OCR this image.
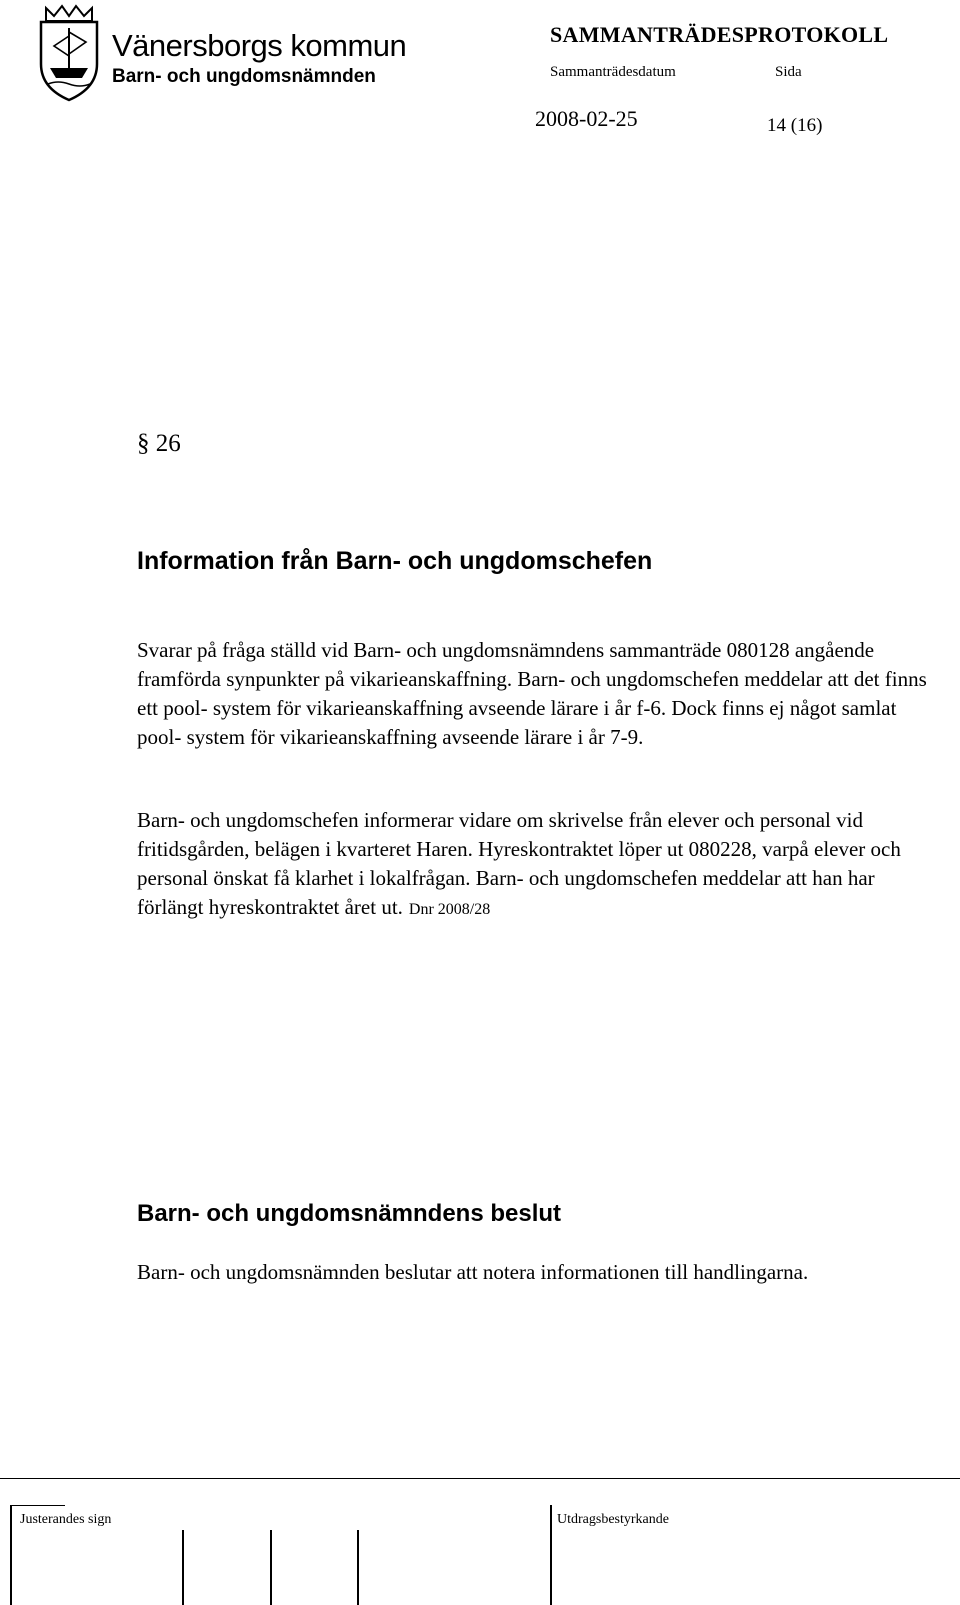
Vänersborgs kommun
Barn- och ungdomsnämnden
SAMMANTRÄDESPROTOKOLL
Sammanträdesdatum	Sida
2008-02-25	14 (16)
§ 26
Information från Barn- och ungdomschefen
Svarar på fråga ställd vid Barn- och ungdomsnämndens sammanträde 080128 angående framförda synpunkter på vikarieanskaffning. Barn- och ungdomschefen meddelar att det finns ett pool- system för vikarieanskaffning avseende lärare i år f-6. Dock finns ej något samlat pool- system för vikarieanskaffning avseende lärare i år 7-9.
Barn- och ungdomschefen informerar vidare om skrivelse från elever och personal vid fritidsgården, belägen i kvarteret Haren. Hyreskontraktet löper ut 080228, varpå elever och personal önskat få klarhet i lokalfrågan. Barn- och ungdomschefen meddelar att han har förlängt hyreskontraktet året ut. Dnr 2008/28
Barn- och ungdomsnämndens beslut
Barn- och ungdomsnämnden beslutar att notera informationen till handlingarna.
Justerandes sign	Utdragsbestyrkande
